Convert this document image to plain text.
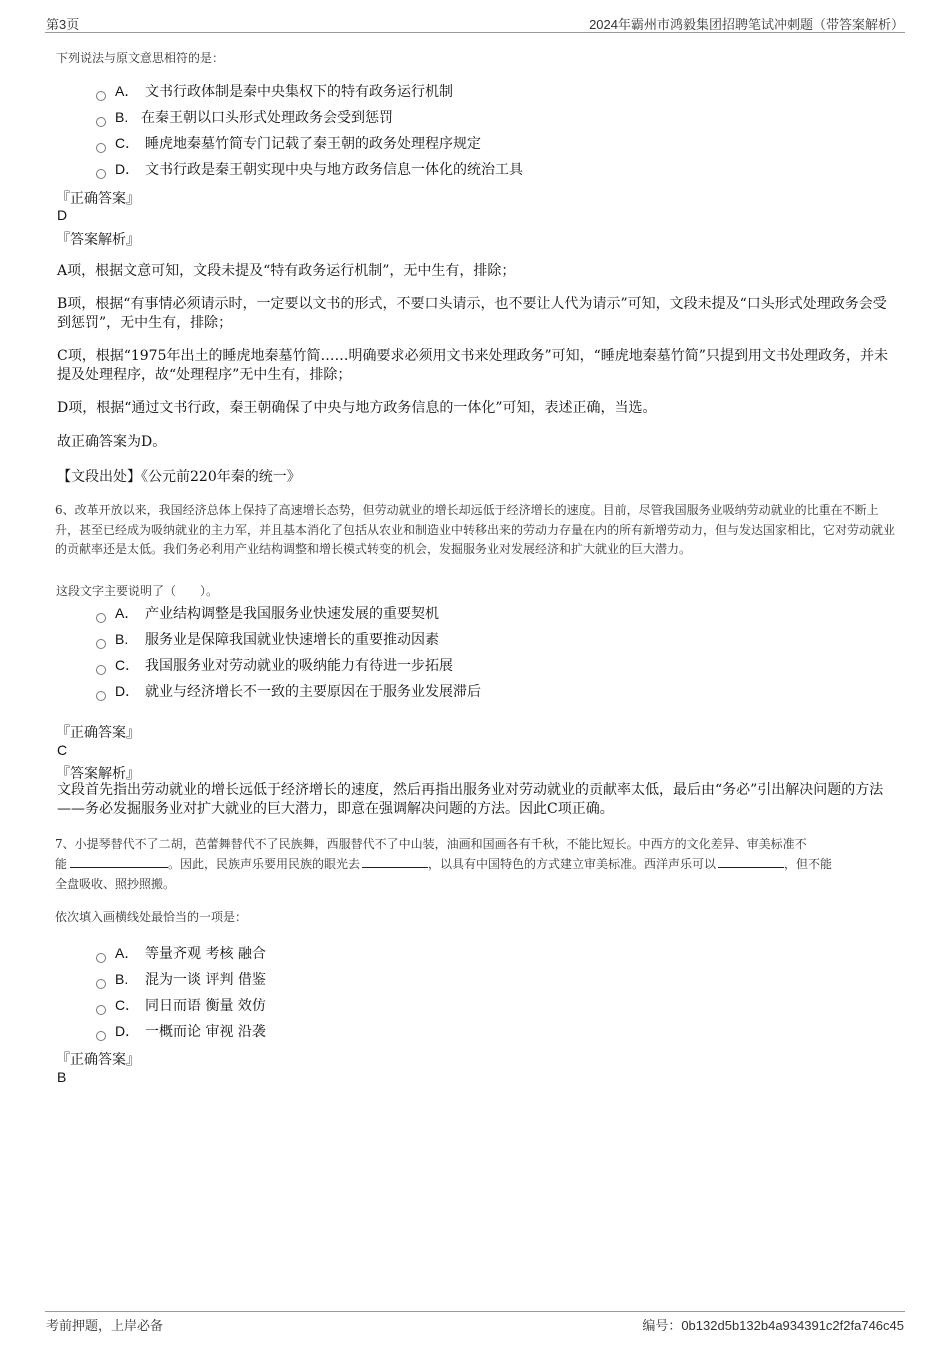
第3页	2024年霸州市鸿毅集团招聘笔试冲刺题（带答案解析）
下列说法与原文意思相符的是：
A． 文书行政体制是秦中央集权下的特有政务运行机制
B. 在秦王朝以口头形式处理政务会受到惩罚
C． 睡虎地秦墓竹简专门记载了秦王朝的政务处理程序规定
D． 文书行政是秦王朝实现中央与地方政务信息一体化的统治工具
『正确答案』
D
『答案解析』
A项，根据文意可知，文段未提及“特有政务运行机制”，无中生有，排除；
B项，根据“有事情必须请示时，一定要以文书的形式，不要口头请示，也不要让人代为请示”可知，文段未提及“口头形式处理政务会受到惩罚”，无中生有，排除；
C项，根据“1975年出土的睡虎地秦墓竹简……明确要求必须用文书来处理政务”可知，“睡虎地秦墓竹简”只提到用文书处理政务，并未提及处理程序，故“处理程序”无中生有，排除；
D项，根据“通过文书行政，秦王朝确保了中央与地方政务信息的一体化”可知，表述正确，当选。
故正确答案为D。
【文段出处】《公元前220年秦的统一》
6、改革开放以来，我国经济总体上保持了高速增长态势，但劳动就业的增长却远低于经济增长的速度。目前，尽管我国服务业吸纳劳动就业的比重在不断上升，甚至已经成为吸纳就业的主力军，并且基本消化了包括从农业和制造业中转移出来的劳动力存量在内的所有新增劳动力，但与发达国家相比，它对劳动就业的贡献率还是太低。我们务必利用产业结构调整和增长模式转变的机会，发掘服务业对发展经济和扩大就业的巨大潜力。
这段文字主要说明了（　　）。
A． 产业结构调整是我国服务业快速发展的重要契机
B. 服务业是保障我国就业快速增长的重要推动因素
C． 我国服务业对劳动就业的吸纳能力有待进一步拓展
D． 就业与经济增长不一致的主要原因在于服务业发展滞后
『正确答案』
C
『答案解析』
文段首先指出劳动就业的增长远低于经济增长的速度，然后再指出服务业对劳动就业的贡献率太低，最后由“务必”引出解决问题的方法——务必发掘服务业对扩大就业的巨大潜力，即意在强调解决问题的方法。因此C项正确。
7、小提琴替代不了二胡，芭蕾舞替代不了民族舞，西服替代不了中山装，油画和国画各有千秋，不能比短长。中西方的文化差异、审美标准不
能	。因此，民族声乐要用民族的眼光去	，以具有中国特色的方式建立审美标准。西洋声乐可以	，但不能
全盘吸收、照抄照搬。
依次填入画横线处最恰当的一项是：
A． 等量齐观 考核 融合
B. 混为一谈 评判 借鉴
C． 同日而语 衡量 效仿
D． 一概而论 审视 沿袭
『正确答案』
B
考前押题，上岸必备	编号：0b132d5b132b4a934391c2f2fa746c45
